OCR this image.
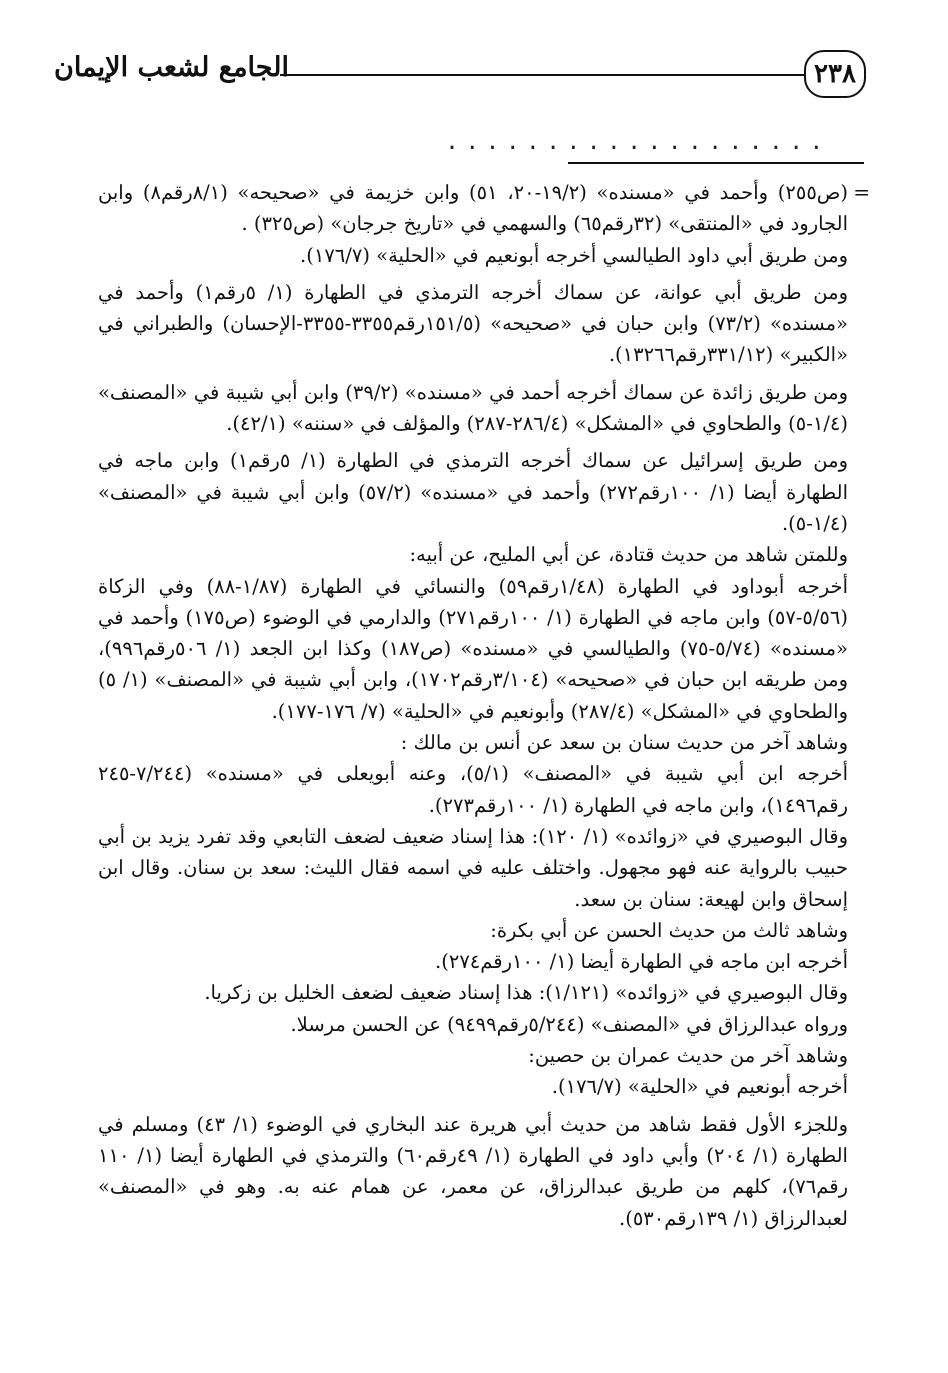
٢٣٨
الجامع لشعب الإيمان
...................
=

(ص٢٥٥) وأحمد في «مسنده» (١٩/٢-٢٠، ٥١) وابن خزيمة في «صحيحه» (٨/١رقم٨) وابن الجارود في «المنتقى» (٣٢رقم٦٥) والسهمي في «تاريخ جرجان» (ص٣٢٥) .

ومن طريق أبي داود الطيالسي أخرجه أبونعيم في «الحلية» (١٧٦/٧).

ومن طريق أبي عوانة، عن سماك أخرجه الترمذي في الطهارة (١/ ٥رقم١) وأحمد في «مسنده» (٧٣/٢) وابن حبان في «صحيحه» (١٥١/٥رقم٣٣٥٥-٣٣٥٥-الإحسان) والطبراني في «الكبير» (٣٣١/١٢رقم١٣٢٦٦).

ومن طريق زائدة عن سماك أخرجه أحمد في «مسنده» (٣٩/٢) وابن أبي شيبة في «المصنف» (١/٤-٥) والطحاوي في «المشكل» (٢٨٦/٤-٢٨٧) والمؤلف في «سننه» (٤٢/١).

ومن طريق إسرائيل عن سماك أخرجه الترمذي في الطهارة (١/ ٥رقم١) وابن ماجه في الطهارة أيضا (١/ ١٠٠رقم٢٧٢) وأحمد في «مسنده» (٥٧/٢) وابن أبي شيبة في «المصنف» (١/٤-٥).

وللمتن شاهد من حديث قتادة، عن أبي المليح، عن أبيه:

أخرجه أبوداود في الطهارة (١/٤٨رقم٥٩) والنسائي في الطهارة (١/٨٧-٨٨) وفي الزكاة (٥/٥٦-٥٧) وابن ماجه في الطهارة (١/ ١٠٠رقم٢٧١) والدارمي في الوضوء (ص١٧٥) وأحمد في «مسنده» (٥/٧٤-٧٥) والطيالسي في «مسنده» (ص١٨٧) وكذا ابن الجعد (١/ ٥٠٦رقم٩٩٦)، ومن طريقه ابن حبان في «صحيحه» (٣/١٠٤رقم١٧٠٢)، وابن أبي شيبة في «المصنف» (١/ ٥) والطحاوي في «المشكل» (٢٨٧/٤) وأبونعيم في «الحلية» (٧/ ١٧٦-١٧٧).

وشاهد آخر من حديث سنان بن سعد عن أنس بن مالك :

أخرجه ابن أبي شيبة في «المصنف» (٥/١)، وعنه أبويعلى في «مسنده» (٧/٢٤٤-٢٤٥ رقم١٤٩٦)، وابن ماجه في الطهارة (١/ ١٠٠رقم٢٧٣).

وقال البوصيري في «زوائده» (١/ ١٢٠): هذا إسناد ضعيف لضعف التابعي وقد تفرد يزيد بن أبي حبيب بالرواية عنه فهو مجهول. واختلف عليه في اسمه فقال الليث: سعد بن سنان. وقال ابن إسحاق وابن لهيعة: سنان بن سعد.

وشاهد ثالث من حديث الحسن عن أبي بكرة:

أخرجه ابن ماجه في الطهارة أيضا (١/ ١٠٠رقم٢٧٤).

وقال البوصيري في «زوائده» (١/١٢١): هذا إسناد ضعيف لضعف الخليل بن زكريا.

ورواه عبدالرزاق في «المصنف» (٥/٢٤٤رقم٩٤٩٩) عن الحسن مرسلا.

وشاهد آخر من حديث عمران بن حصين:

أخرجه أبونعيم في «الحلية» (١٧٦/٧).

وللجزء الأول فقط شاهد من حديث أبي هريرة عند البخاري في الوضوء (١/ ٤٣) ومسلم في الطهارة (١/ ٢٠٤) وأبي داود في الطهارة (١/ ٤٩رقم٦٠) والترمذي في الطهارة أيضا (١/ ١١٠ رقم٧٦)، كلهم من طريق عبدالرزاق، عن معمر، عن همام عنه به. وهو في «المصنف» لعبدالرزاق (١/ ١٣٩رقم٥٣٠).
